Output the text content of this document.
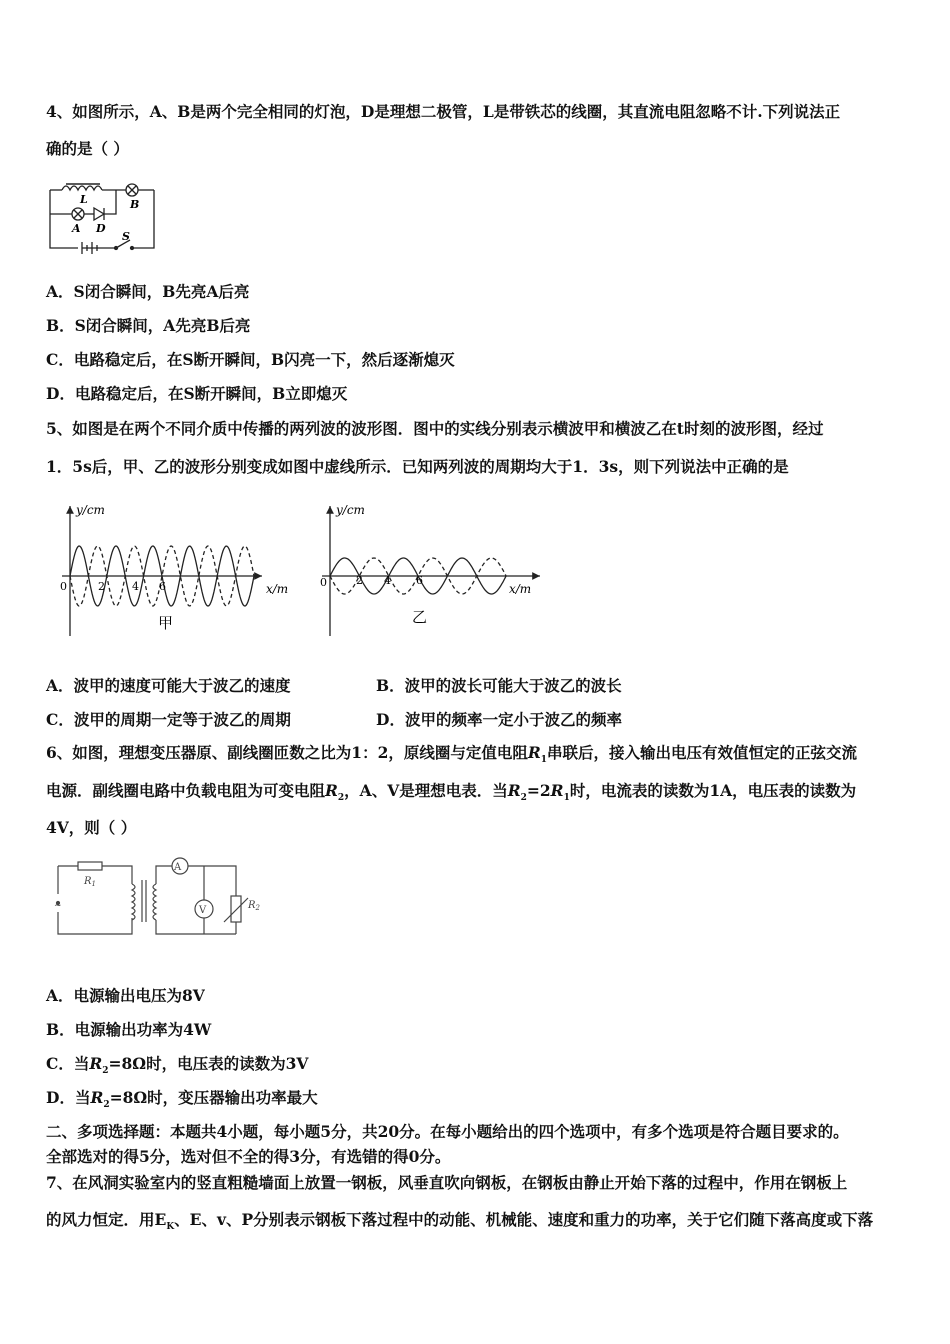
4、如图所示，A、B是两个完全相同的灯泡，D是理想二极管，L是带铁芯的线圈，其直流电阻忽略不计.下列说法正
确的是（ ）
L	B
A D
S
A．S闭合瞬间，B先亮A后亮
B．S闭合瞬间，A先亮B后亮
C．电路稳定后，在S断开瞬间，B闪亮一下，然后逐渐熄灭
D．电路稳定后，在S断开瞬间，B立即熄灭
5、如图是在两个不同介质中传播的两列波的波形图．图中的实线分别表示横波甲和横波乙在t时刻的波形图，经过
1．5s后，甲、乙的波形分别变成如图中虚线所示．已知两列波的周期均大于1．3s，则下列说法中正确的是
y/cm
x/m
0	2 4 6
甲
y/cm
x/m
0	2 4 6
乙
A．波甲的速度可能大于波乙的速度	B．波甲的波长可能大于波乙的波长
C．波甲的周期一定等于波乙的周期	D．波甲的频率一定小于波乙的频率
6、如图，理想变压器原、副线圈匝数之比为1：2，原线圈与定值电阻$R_1$串联后，接入输出电压有效值恒定的正弦交流
电源．副线圈电路中负载电阻为可变电阻$R_2$，A、V是理想电表．当$R_2=2R_1$时，电流表的读数为1A，电压表的读数为
4V，则（ ）
~
A
V
$R_1$
$R_2$
A．电源输出电压为8V
B．电源输出功率为4W
C．当$R_2=8\Omega$时，电压表的读数为3V
D．当$R_2=8\Omega$时，变压器输出功率最大
二、多项选择题：本题共4小题，每小题5分，共20分。在每小题给出的四个选项中，有多个选项是符合题目要求的。
全部选对的得5分，选对但不全的得3分，有选错的得0分。
7、在风洞实验室内的竖直粗糙墙面上放置一钢板，风垂直吹向钢板，在钢板由静止开始下落的过程中，作用在钢板上
的风力恒定．用$E_K$、E、v、P分别表示钢板下落过程中的动能、机械能、速度和重力的功率，关于它们随下落高度或下落
